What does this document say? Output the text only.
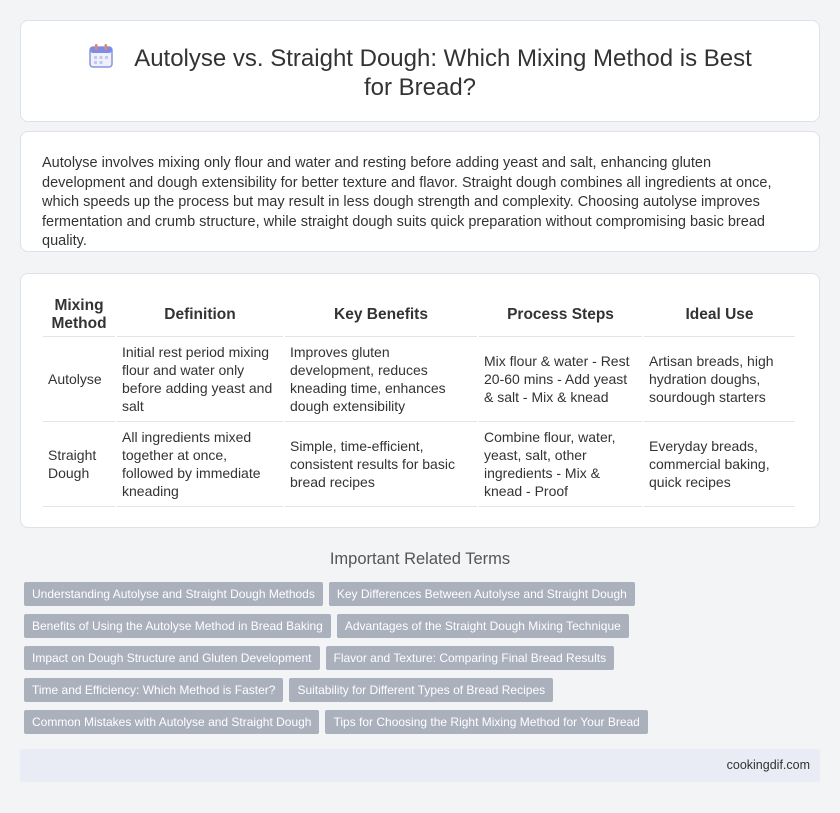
Autolyse vs. Straight Dough: Which Mixing Method is Best for Bread?

Autolyse involves mixing only flour and water and resting before adding yeast and salt, enhancing gluten development and dough extensibility for better texture and flavor. Straight dough combines all ingredients at once, which speeds up the process but may result in less dough strength and complexity. Choosing autolyse improves fermentation and crumb structure, while straight dough suits quick preparation without compromising basic bread quality.

Mixing Method	Definition	Key Benefits	Process Steps	Ideal Use
Autolyse	Initial rest period mixing flour and water only before adding yeast and salt	Improves gluten development, reduces kneading time, enhances dough extensibility	Mix flour & water - Rest 20-60 mins - Add yeast & salt - Mix & knead	Artisan breads, high hydration doughs, sourdough starters
Straight Dough	All ingredients mixed together at once, followed by immediate kneading	Simple, time-efficient, consistent results for basic bread recipes	Combine flour, water, yeast, salt, other ingredients - Mix & knead - Proof	Everyday breads, commercial baking, quick recipes
Important Related Terms
Understanding Autolyse and Straight Dough Methods	Key Differences Between Autolyse and Straight Dough
Benefits of Using the Autolyse Method in Bread Baking	Advantages of the Straight Dough Mixing Technique
Impact on Dough Structure and Gluten Development	Flavor and Texture: Comparing Final Bread Results
Time and Efficiency: Which Method is Faster?	Suitability for Different Types of Bread Recipes
Common Mistakes with Autolyse and Straight Dough	Tips for Choosing the Right Mixing Method for Your Bread
cookingdif.com
